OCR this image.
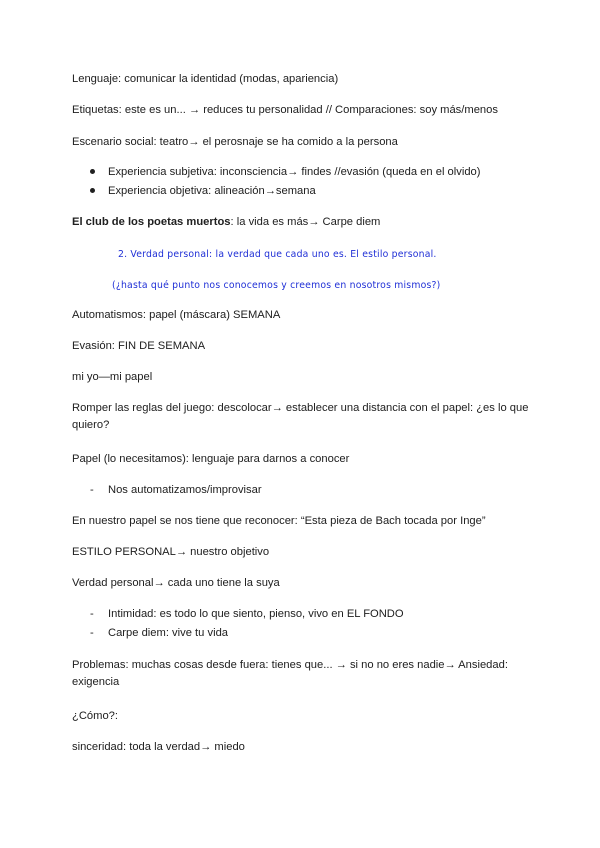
Lenguaje: comunicar la identidad (modas, apariencia)
Etiquetas: este es un... → reduces tu personalidad // Comparaciones: soy más/menos
Escenario social: teatro→ el perosnaje se ha comido a la persona
Experiencia subjetiva: inconsciencia→ findes //evasión (queda en el olvido)
Experiencia objetiva: alineación→semana
El club de los poetas muertos: la vida es más→ Carpe diem
2. Verdad personal: la verdad que cada uno es. El estilo personal.
(¿hasta qué punto nos conocemos y creemos en nosotros mismos?)
Automatismos: papel (máscara) SEMANA
Evasión: FIN DE SEMANA
mi yo—mi papel
Romper las reglas del juego: descolocar→ establecer una distancia con el papel: ¿es lo que quiero?
Papel (lo necesitamos): lenguaje para darnos a conocer
- Nos automatizamos/improvisar
En nuestro papel se nos tiene que reconocer: “Esta pieza de Bach tocada por Inge”
ESTILO PERSONAL→ nuestro objetivo
Verdad personal→ cada uno tiene la suya
- Intimidad: es todo lo que siento, pienso, vivo en EL FONDO
- Carpe diem: vive tu vida
Problemas: muchas cosas desde fuera: tienes que... → si no no eres nadie→ Ansiedad: exigencia
¿Cómo?:
sinceridad: toda la verdad→ miedo
